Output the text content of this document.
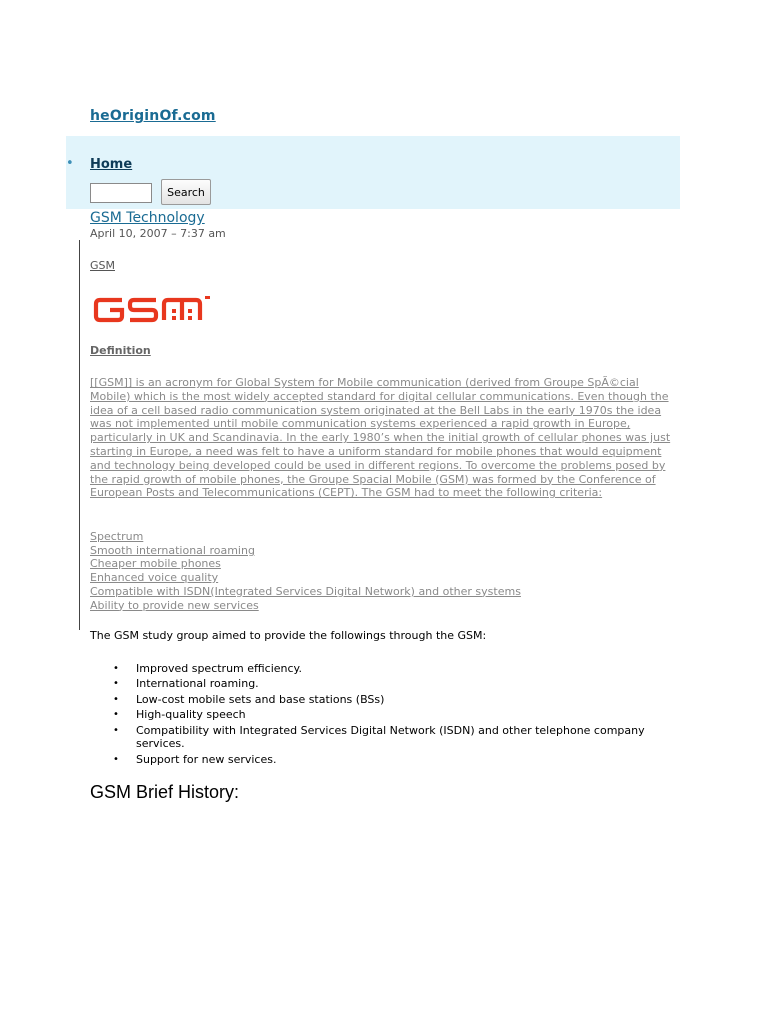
heOriginOf.com
• Home
Search
GSM Technology
April 10, 2007 – 7:37 am
GSM
Definition

[[GSM]] is an acronym for Global System for Mobile communication (derived from Groupe SpÃ©cial Mobile) which is the most widely accepted standard for digital cellular communications. Even though the idea of a cell based radio communication system originated at the Bell Labs in the early 1970s the idea was not implemented until mobile communication systems experienced a rapid growth in Europe, particularly in UK and Scandinavia. In the early 1980’s when the initial growth of cellular phones was just starting in Europe, a need was felt to have a uniform standard for mobile phones that would equipment and technology being developed could be used in different regions. To overcome the problems posed by the rapid growth of mobile phones, the Groupe Spacial Mobile (GSM) was formed by the Conference of European Posts and Telecommunications (CEPT). The GSM had to meet the following criteria:

Spectrum
Smooth international roaming
Cheaper mobile phones
Enhanced voice quality
Compatible with ISDN(Integrated Services Digital Network) and other systems
Ability to provide new services

The GSM study group aimed to provide the followings through the GSM:

• Improved spectrum efficiency.
• International roaming.
• Low-cost mobile sets and base stations (BSs)
• High-quality speech
• Compatibility with Integrated Services Digital Network (ISDN) and other telephone company services.
• Support for new services.
GSM Brief History:
